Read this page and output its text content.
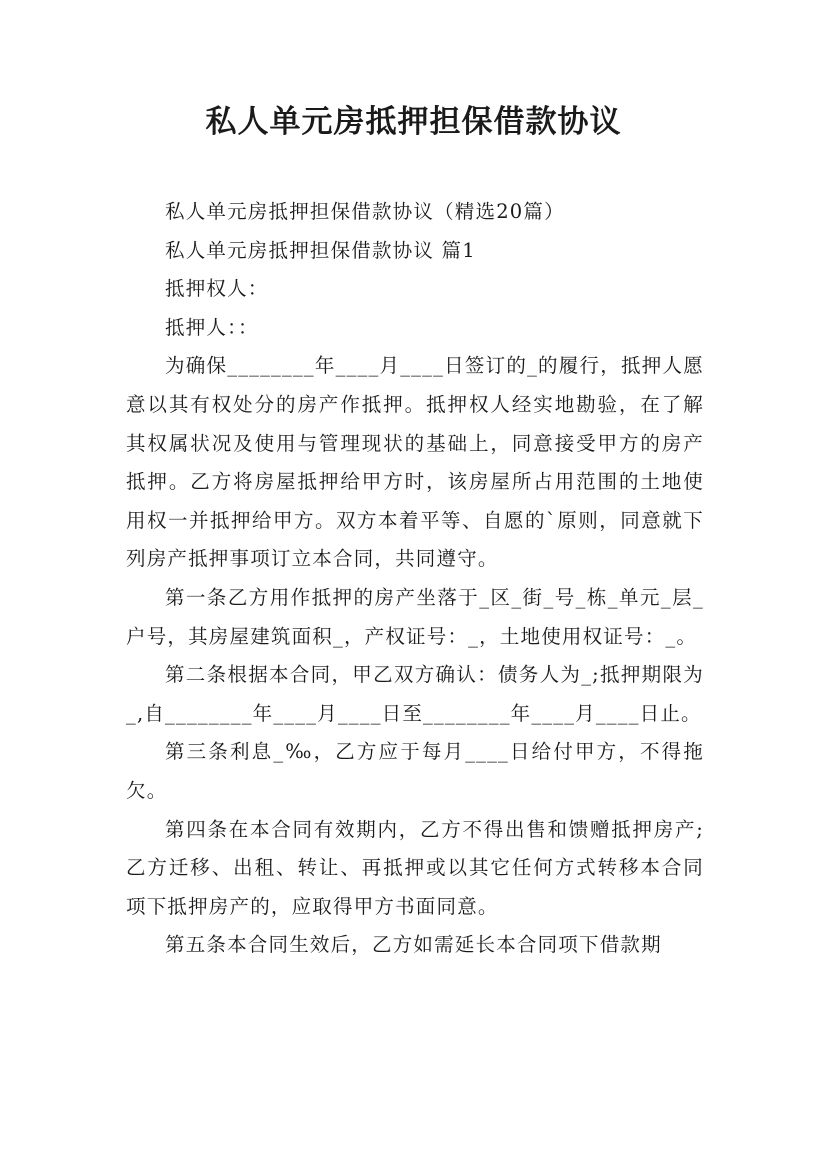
私人单元房抵押担保借款协议

私人单元房抵押担保借款协议（精选20篇）

私人单元房抵押担保借款协议 篇1

抵押权人：

抵押人：：

为确保________年____月____日签订的_的履行，抵押人愿意以其有权处分的房产作抵押。抵押权人经实地勘验，在了解其权属状况及使用与管理现状的基础上，同意接受甲方的房产抵押。乙方将房屋抵押给甲方时，该房屋所占用范围的土地使用权一并抵押给甲方。双方本着平等、自愿的`原则，同意就下列房产抵押事项订立本合同，共同遵守。

第一条乙方用作抵押的房产坐落于_区_街_号_栋_单元_层_户号，其房屋建筑面积_，产权证号：_，土地使用权证号：_。

第二条根据本合同，甲乙双方确认：债务人为_;抵押期限为_,自________年____月____日至________年____月____日止。

第三条利息_‰，乙方应于每月____日给付甲方，不得拖欠。

第四条在本合同有效期内，乙方不得出售和馈赠抵押房产;乙方迁移、出租、转让、再抵押或以其它任何方式转移本合同项下抵押房产的，应取得甲方书面同意。

第五条本合同生效后，乙方如需延长本合同项下借款期
